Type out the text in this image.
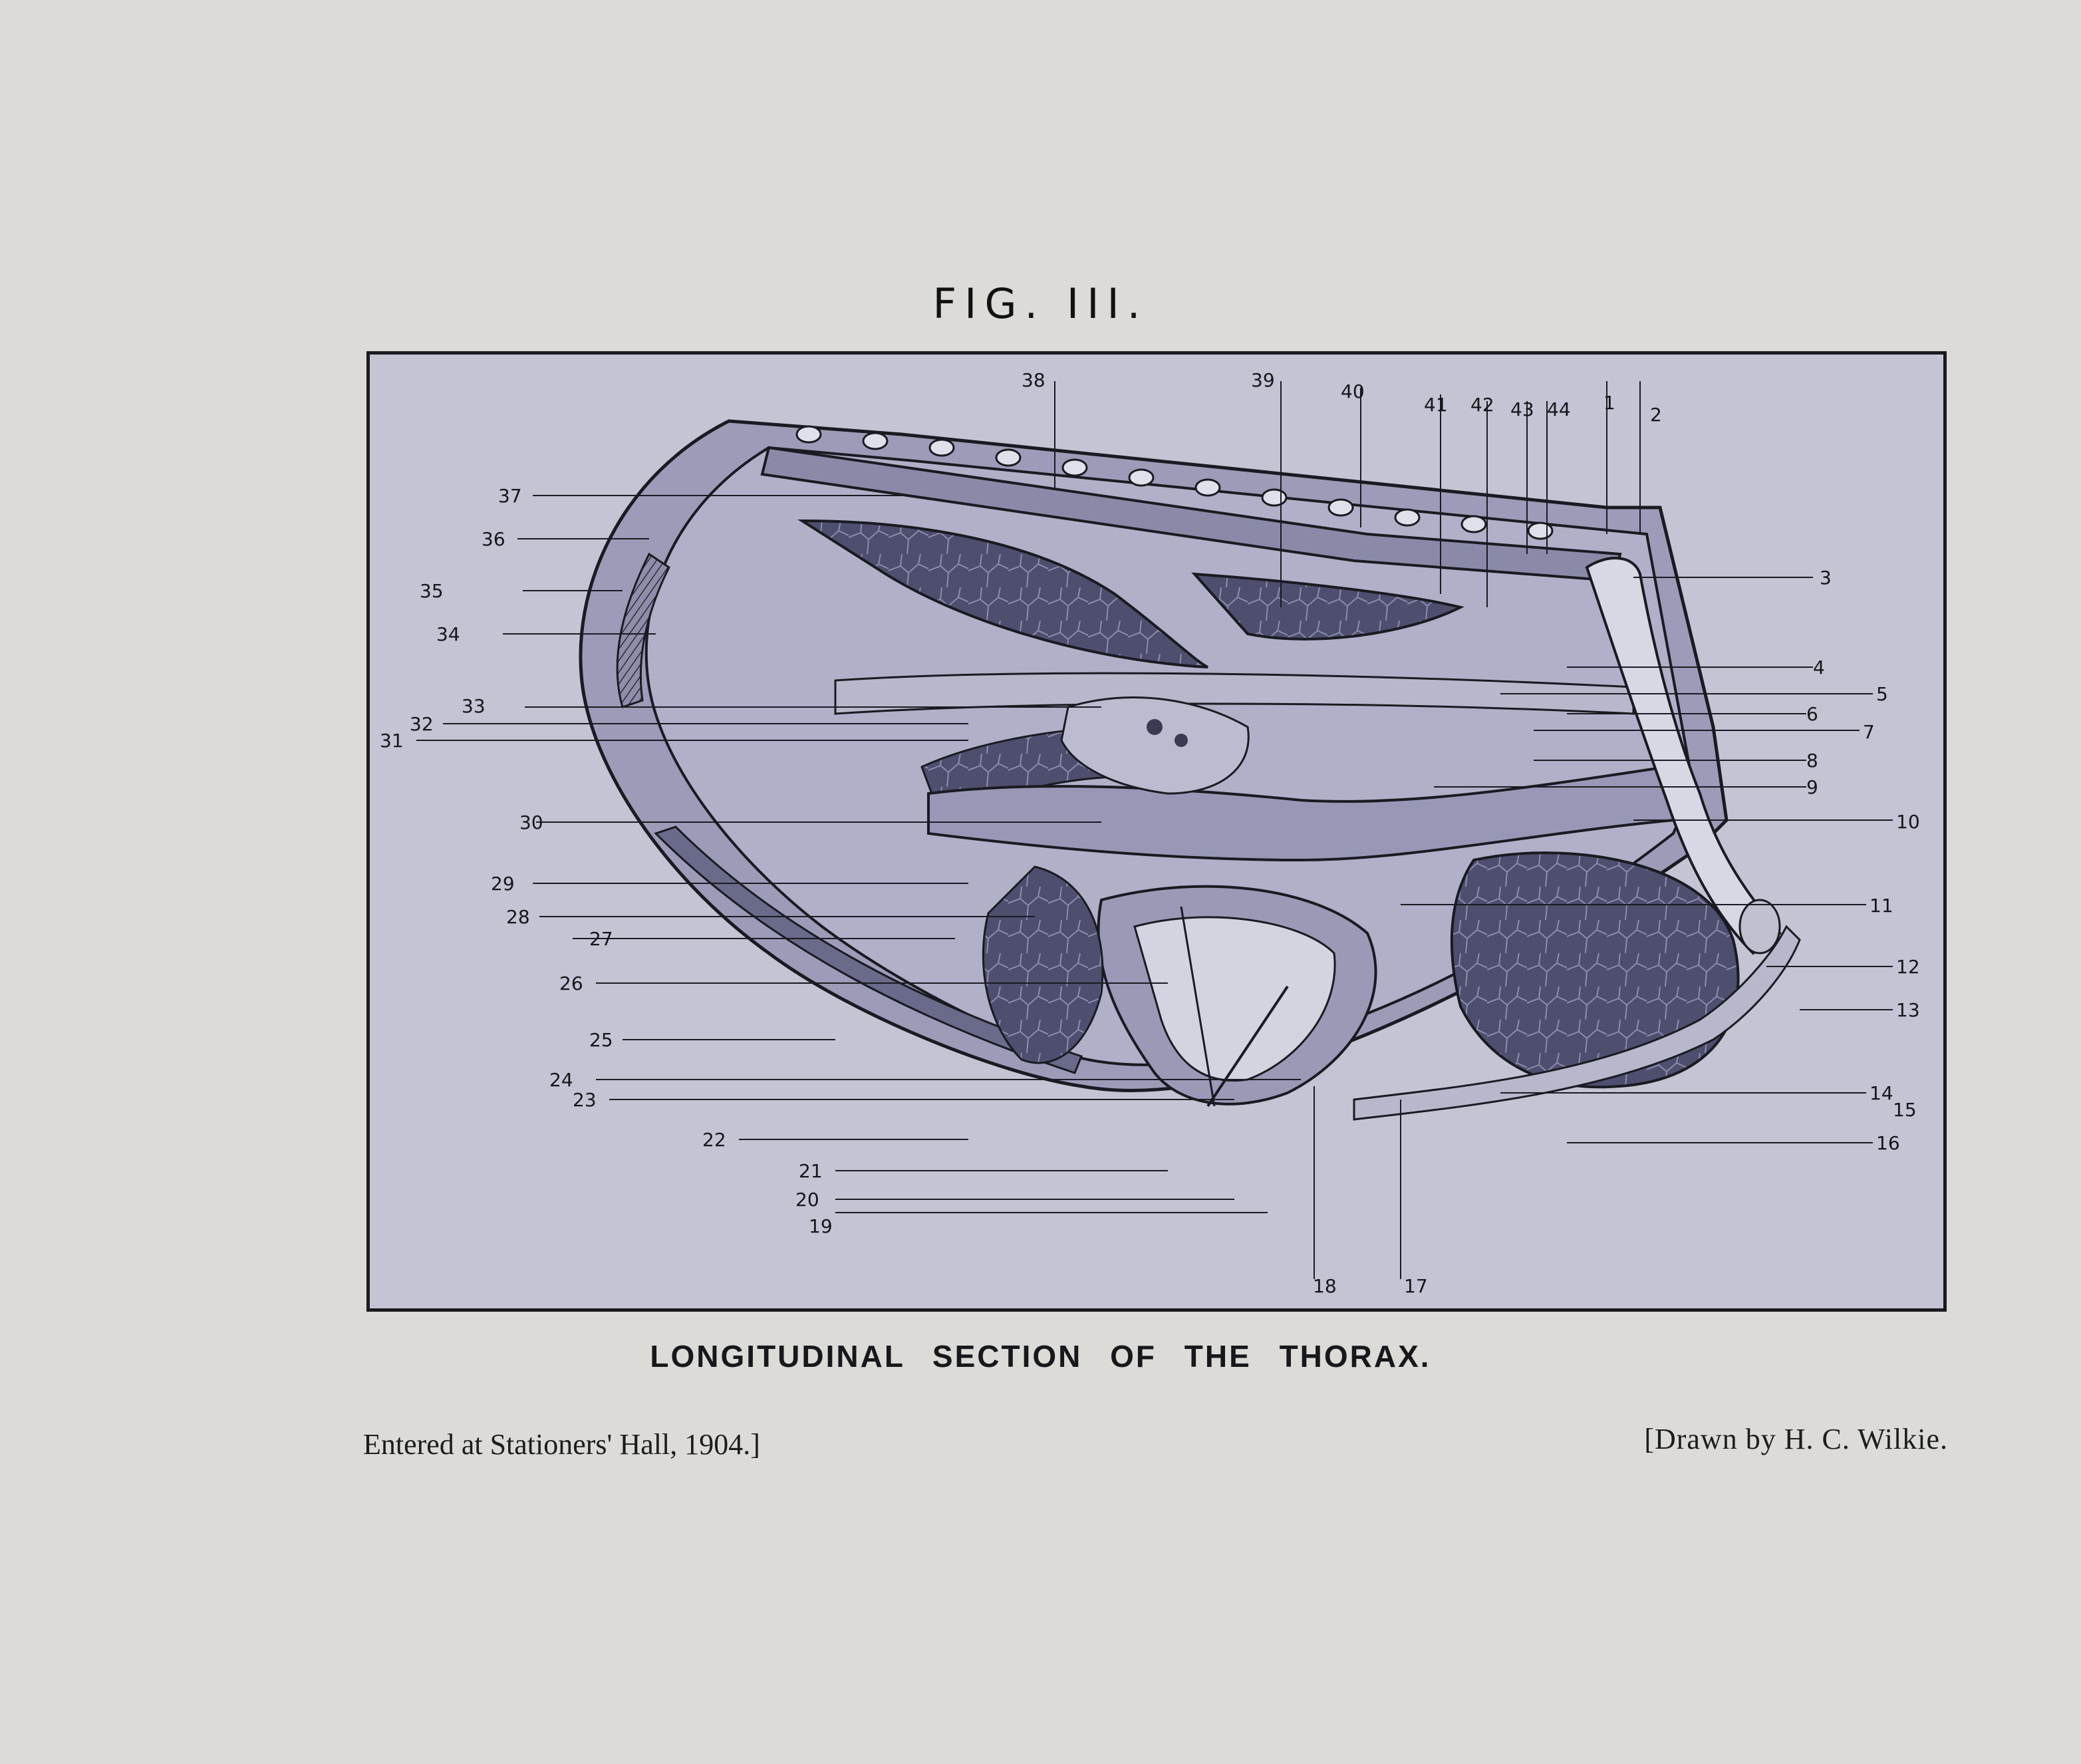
FIG. III.
1
2
3
4
5
6
7
8
9
10
11
12
13
14
15
16
17
18
19
20
21
22
23
24
25
26
27
28
29
30
31
32
33
34
35
36
37
38	39
40
41 42 43 44
LONGITUDINAL SECTION OF THE THORAX.
Entered at Stationers' Hall, 1904.]	[Drawn by H. C. Wilkie.
